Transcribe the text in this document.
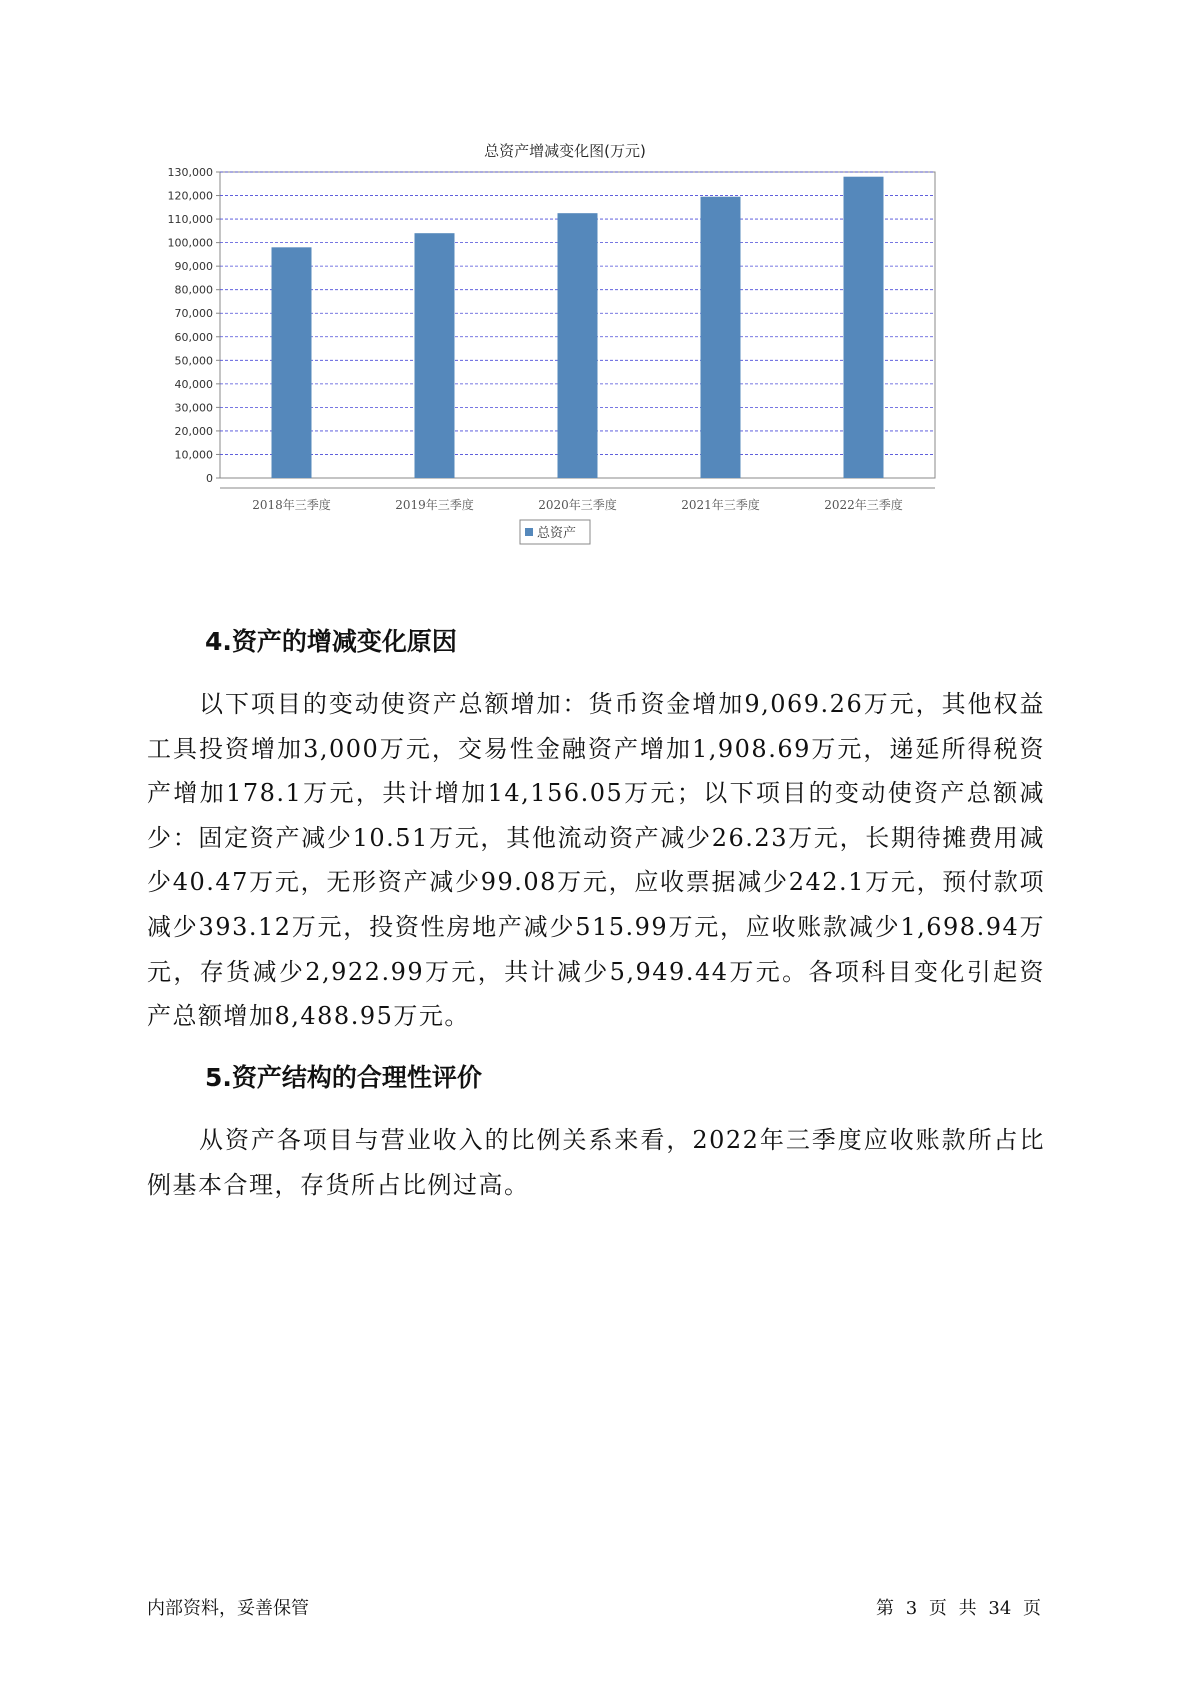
总资产增减变化图(万元)
0
10,000
20,000
30,000
40,000
50,000
60,000
70,000
80,000
90,000
100,000
110,000
120,000
130,000
2018年三季度	2019年三季度	2020年三季度	2021年三季度	2022年三季度
总资产
4.资产的增减变化原因

以下项目的变动使资产总额增加：货币资金增加9,069.26万元，其他权益工具投资增加3,000万元，交易性金融资产增加1,908.69万元，递延所得税资产增加178.1万元，共计增加14,156.05万元；以下项目的变动使资产总额减少：固定资产减少10.51万元，其他流动资产减少26.23万元，长期待摊费用减少40.47万元，无形资产减少99.08万元，应收票据减少242.1万元，预付款项减少393.12万元，投资性房地产减少515.99万元，应收账款减少1,698.94万元，存货减少2,922.99万元，共计减少5,949.44万元。各项科目变化引起资产总额增加8,488.95万元。

5.资产结构的合理性评价

从资产各项目与营业收入的比例关系来看，2022年三季度应收账款所占比例基本合理，存货所占比例过高。

内部资料，妥善保管	第 3 页 共 34 页
